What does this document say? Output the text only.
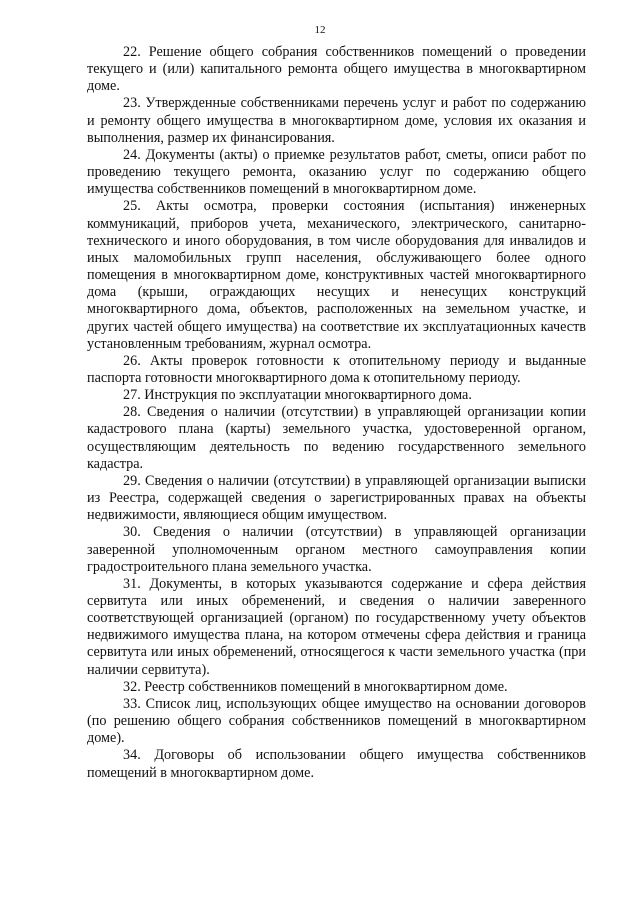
12

22. Решение общего собрания собственников помещений о проведении текущего и (или) капитального ремонта общего имущества в многоквартирном доме.

23. Утвержденные собственниками перечень услуг и работ по содержанию и ремонту общего имущества в многоквартирном доме, условия их оказания и выполнения, размер их финансирования.

24. Документы (акты) о приемке результатов работ, сметы, описи работ по проведению текущего ремонта, оказанию услуг по содержанию общего имущества собственников помещений в многоквартирном доме.

25. Акты осмотра, проверки состояния (испытания) инженерных коммуникаций, приборов учета, механического, электрического, санитарно-технического и иного оборудования, в том числе оборудования для инвалидов и иных маломобильных групп населения, обслуживающего более одного помещения в многоквартирном доме, конструктивных частей многоквартирного дома (крыши, ограждающих несущих и ненесущих конструкций многоквартирного дома, объектов, расположенных на земельном участке, и других частей общего имущества) на соответствие их эксплуатационных качеств установленным требованиям, журнал осмотра.

26. Акты проверок готовности к отопительному периоду и выданные паспорта готовности многоквартирного дома к отопительному периоду.

27. Инструкция по эксплуатации многоквартирного дома.

28. Сведения о наличии (отсутствии) в управляющей организации копии кадастрового плана (карты) земельного участка, удостоверенной органом, осуществляющим деятельность по ведению государственного земельного кадастра.

29. Сведения о наличии (отсутствии) в управляющей организации выписки из Реестра, содержащей сведения о зарегистрированных правах на объекты недвижимости, являющиеся общим имуществом.

30. Сведения о наличии (отсутствии) в управляющей организации заверенной уполномоченным органом местного самоуправления копии градостроительного плана земельного участка.

31. Документы, в которых указываются содержание и сфера действия сервитута или иных обременений, и сведения о наличии заверенного соответствующей организацией (органом) по государственному учету объектов недвижимого имущества плана, на котором отмечены сфера действия и граница сервитута или иных обременений, относящегося к части земельного участка (при наличии сервитута).

32. Реестр собственников помещений в многоквартирном доме.

33. Список лиц, использующих общее имущество на основании договоров (по решению общего собрания собственников помещений в многоквартирном доме).

34. Договоры об использовании общего имущества собственников помещений в многоквартирном доме.
